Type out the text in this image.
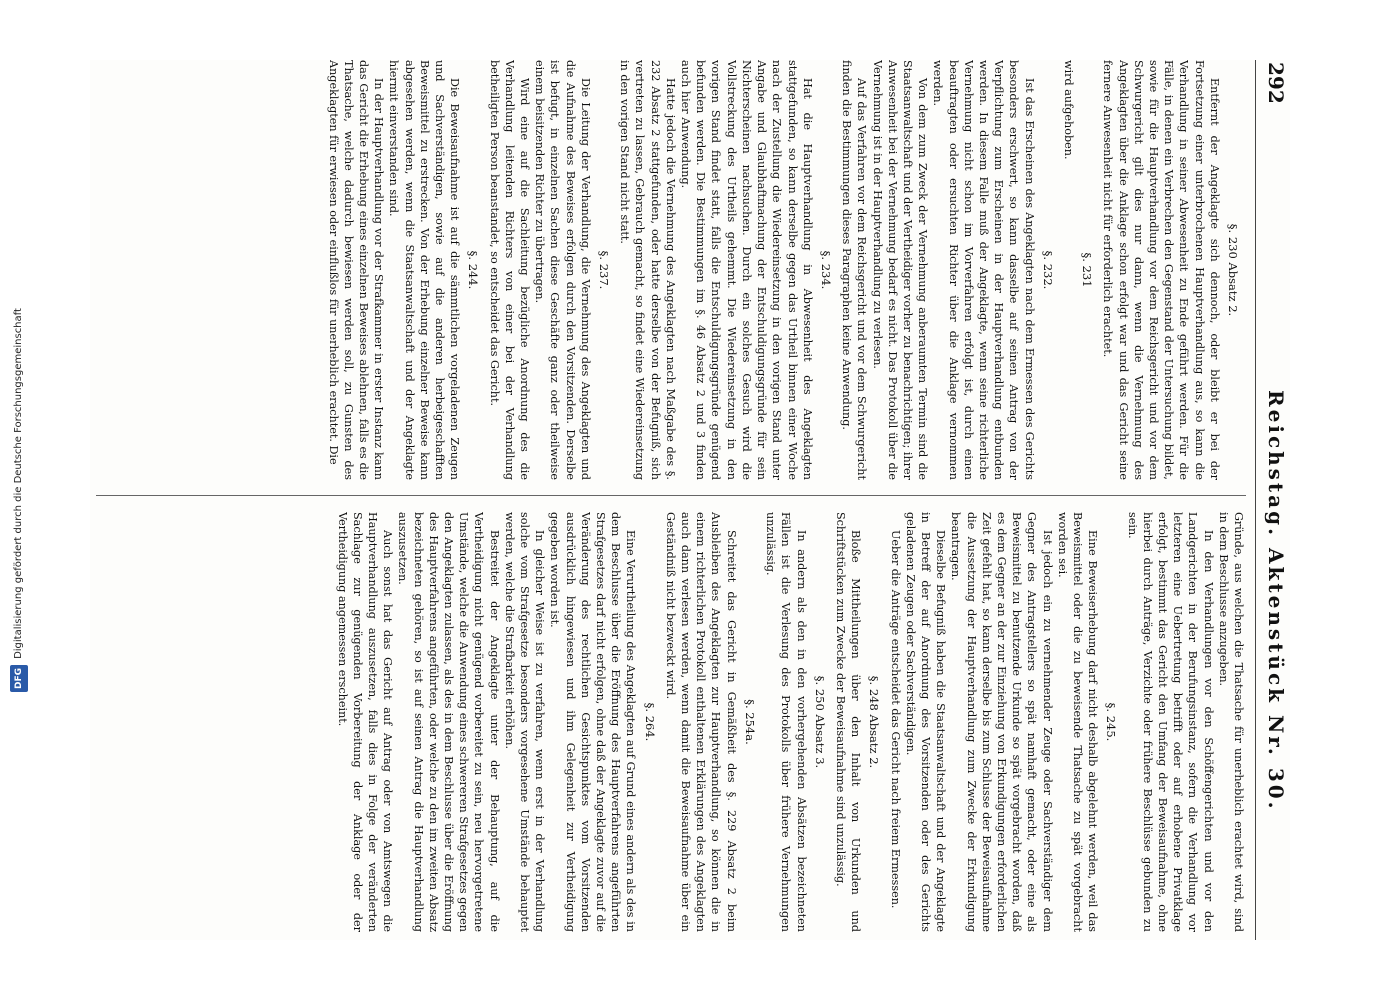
292
Reichstag. Aktenstück Nr. 30.
§. 230 Absatz 2.
Entfernt der Angeklagte sich dennoch, oder bleibt er bei der Fortsetzung einer unterbrochenen Hauptverhandlung aus, so kann die Verhandlung in seiner Abwesenheit zu Ende geführt werden. Für die Fälle, in denen ein Verbrechen den Gegenstand der Untersuchung bildet, sowie für die Hauptverhandlung vor dem Reichsgericht und vor dem Schwurgericht gilt dies nur dann, wenn die Vernehmung des Angeklagten über die Anklage schon erfolgt war und das Gericht seine fernere Anwesenheit nicht für erforderlich erachtet.
§. 231
wird aufgehoben.
§. 232.
Ist das Erscheinen des Angeklagten nach dem Ermessen des Gerichts besonders erschwert, so kann dasselbe auf seinen Antrag von der Verpflichtung zum Erscheinen in der Hauptverhandlung entbunden werden. In diesem Falle muß der Angeklagte, wenn seine richterliche Vernehmung nicht schon im Vorverfahren erfolgt ist, durch einen beauftragten oder ersuchten Richter über die Anklage vernommen werden.
Von dem zum Zweck der Vernehmung anberaumten Termin sind die Staatsanwaltschaft und der Vertheidiger vorher zu benachrichtigen; ihrer Anwesenheit bei der Vernehmung bedarf es nicht. Das Protokoll über die Vernehmung ist in der Hauptverhandlung zu verlesen.
Auf das Verfahren vor dem Reichsgericht und vor dem Schwurgericht finden die Bestimmungen dieses Paragraphen keine Anwendung.
§. 234.
Hat die Hauptverhandlung in Abwesenheit des Angeklagten stattgefunden, so kann derselbe gegen das Urtheil binnen einer Woche nach der Zustellung die Wiedereinsetzung in den vorigen Stand unter Angabe und Glaubhaftmachung der Entschuldigungsgründe für sein Nichterscheinen nachsuchen. Durch ein solches Gesuch wird die Vollstreckung des Urtheils gehemmt. Die Wiedereinsetzung in den vorigen Stand findet statt, falls die Entschuldigungsgründe genügend befunden werden. Die Bestimmungen im §. 46 Absatz 2 und 3 finden auch hier Anwendung.
Hatte jedoch die Vernehmung des Angeklagten nach Maßgabe des §. 232 Absatz 2 stattgefunden, oder hatte derselbe von der Befugniß, sich vertreten zu lassen, Gebrauch gemacht, so findet eine Wiedereinsetzung in den vorigen Stand nicht statt.
§. 237.
Die Leitung der Verhandlung, die Vernehmung des Angeklagten und die Aufnahme des Beweises erfolgen durch den Vorsitzenden. Derselbe ist befugt, in einzelnen Sachen diese Geschäfte ganz oder theilweise einem beisitzenden Richter zu übertragen.
Wird eine auf die Sachleitung bezügliche Anordnung des die Verhandlung leitenden Richters von einer bei der Verhandlung betheiligten Person beanstandet, so entscheidet das Gericht.
§. 244.
Die Beweisaufnahme ist auf die sämmtlichen vorgeladenen Zeugen und Sachverständigen, sowie auf die anderen herbeigeschafften Beweismittel zu erstrecken. Von der Erhebung einzelner Beweise kann abgesehen werden, wenn die Staatsanwaltschaft und der Angeklagte hiermit einverstanden sind.
In der Hauptverhandlung vor der Strafkammer in erster Instanz kann das Gericht die Erhebung eines einzelnen Beweises ablehnen, falls es die Thatsache, welche dadurch bewiesen werden soll, zu Gunsten des Angeklagten für erwiesen oder einflußlos für unerheblich erachtet. Die
Gründe, aus welchen die Thatsache für unerheblich erachtet wird, sind in dem Beschlusse anzugeben.
In den Verhandlungen vor den Schöffengerichten und vor den Landgerichten in der Berufungsinstanz, sofern die Verhandlung vor letzteren eine Uebertretung betrifft oder auf erhobene Privatklage erfolgt, bestimmt das Gericht den Umfang der Beweisaufnahme, ohne hierbei durch Anträge, Verzichte oder frühere Beschlüsse gebunden zu sein.
§. 245.
Eine Beweiserhebung darf nicht deshalb abgelehnt werden, weil das Beweismittel oder die zu beweisende Thatsache zu spät vorgebracht worden sei.
Ist jedoch ein zu vernehmender Zeuge oder Sachverständiger dem Gegner des Antragstellers so spät namhaft gemacht, oder eine als Beweismittel zu benutzende Urkunde so spät vorgebracht worden, daß es dem Gegner an der zur Einziehung von Erkundigungen erforderlichen Zeit gefehlt hat, so kann derselbe bis zum Schlusse der Beweisaufnahme die Aussetzung der Hauptverhandlung zum Zwecke der Erkundigung beantragen.
Dieselbe Befugniß haben die Staatsanwaltschaft und der Angeklagte in Betreff der auf Anordnung des Vorsitzenden oder des Gerichts geladenen Zeugen oder Sachverständigen.
Ueber die Anträge entscheidet das Gericht nach freiem Ermessen.
§. 248 Absatz 2.
Bloße Mittheilungen über den Inhalt von Urkunden und Schriftstücken zum Zwecke der Beweisaufnahme sind unzulässig.
§. 250 Absatz 3.
In andern als den in den vorhergehenden Absätzen bezeichneten Fällen ist die Verlesung des Protokolls über frühere Vernehmungen unzulässig.
§. 254a.
Schreitet das Gericht in Gemäßheit des §. 229 Absatz 2 beim Ausbleiben des Angeklagten zur Hauptverhandlung, so können die in einem richterlichen Protokoll enthaltenen Erklärungen des Angeklagten auch dann verlesen werden, wenn damit die Beweisaufnahme über ein Geständniß nicht bezweckt wird.
§. 264.
Eine Verurtheilung des Angeklagten auf Grund eines andern als des in dem Beschlusse über die Eröffnung des Hauptverfahrens angeführten Strafgesetzes darf nicht erfolgen, ohne daß der Angeklagte zuvor auf die Veränderung des rechtlichen Gesichtspunktes vom Vorsitzenden ausdrücklich hingewiesen und ihm Gelegenheit zur Vertheidigung gegeben worden ist.
In gleicher Weise ist zu verfahren, wenn erst in der Verhandlung solche vom Strafgesetze besonders vorgesehene Umstände behauptet werden, welche die Strafbarkeit erhöhen.
Bestreitet der Angeklagte unter der Behauptung, auf die Vertheidigung nicht genügend vorbereitet zu sein, neu hervorgetretene Umstände, welche die Anwendung eines schwereren Strafgesetzes gegen den Angeklagten zulassen, als des in dem Beschlusse über die Eröffnung des Hauptverfahrens angeführten, oder welche zu den im zweiten Absatz bezeichneten gehören, so ist auf seinen Antrag die Hauptverhandlung auszusetzen.
Auch sonst hat das Gericht auf Antrag oder von Amtswegen die Hauptverhandlung auszusetzen, falls dies in Folge der veränderten Sachlage zur genügenden Vorbereitung der Anklage oder der Vertheidigung angemessen erscheint.
DFGDigitalisierung gefördert durch die Deutsche Forschungsgemeinschaft
